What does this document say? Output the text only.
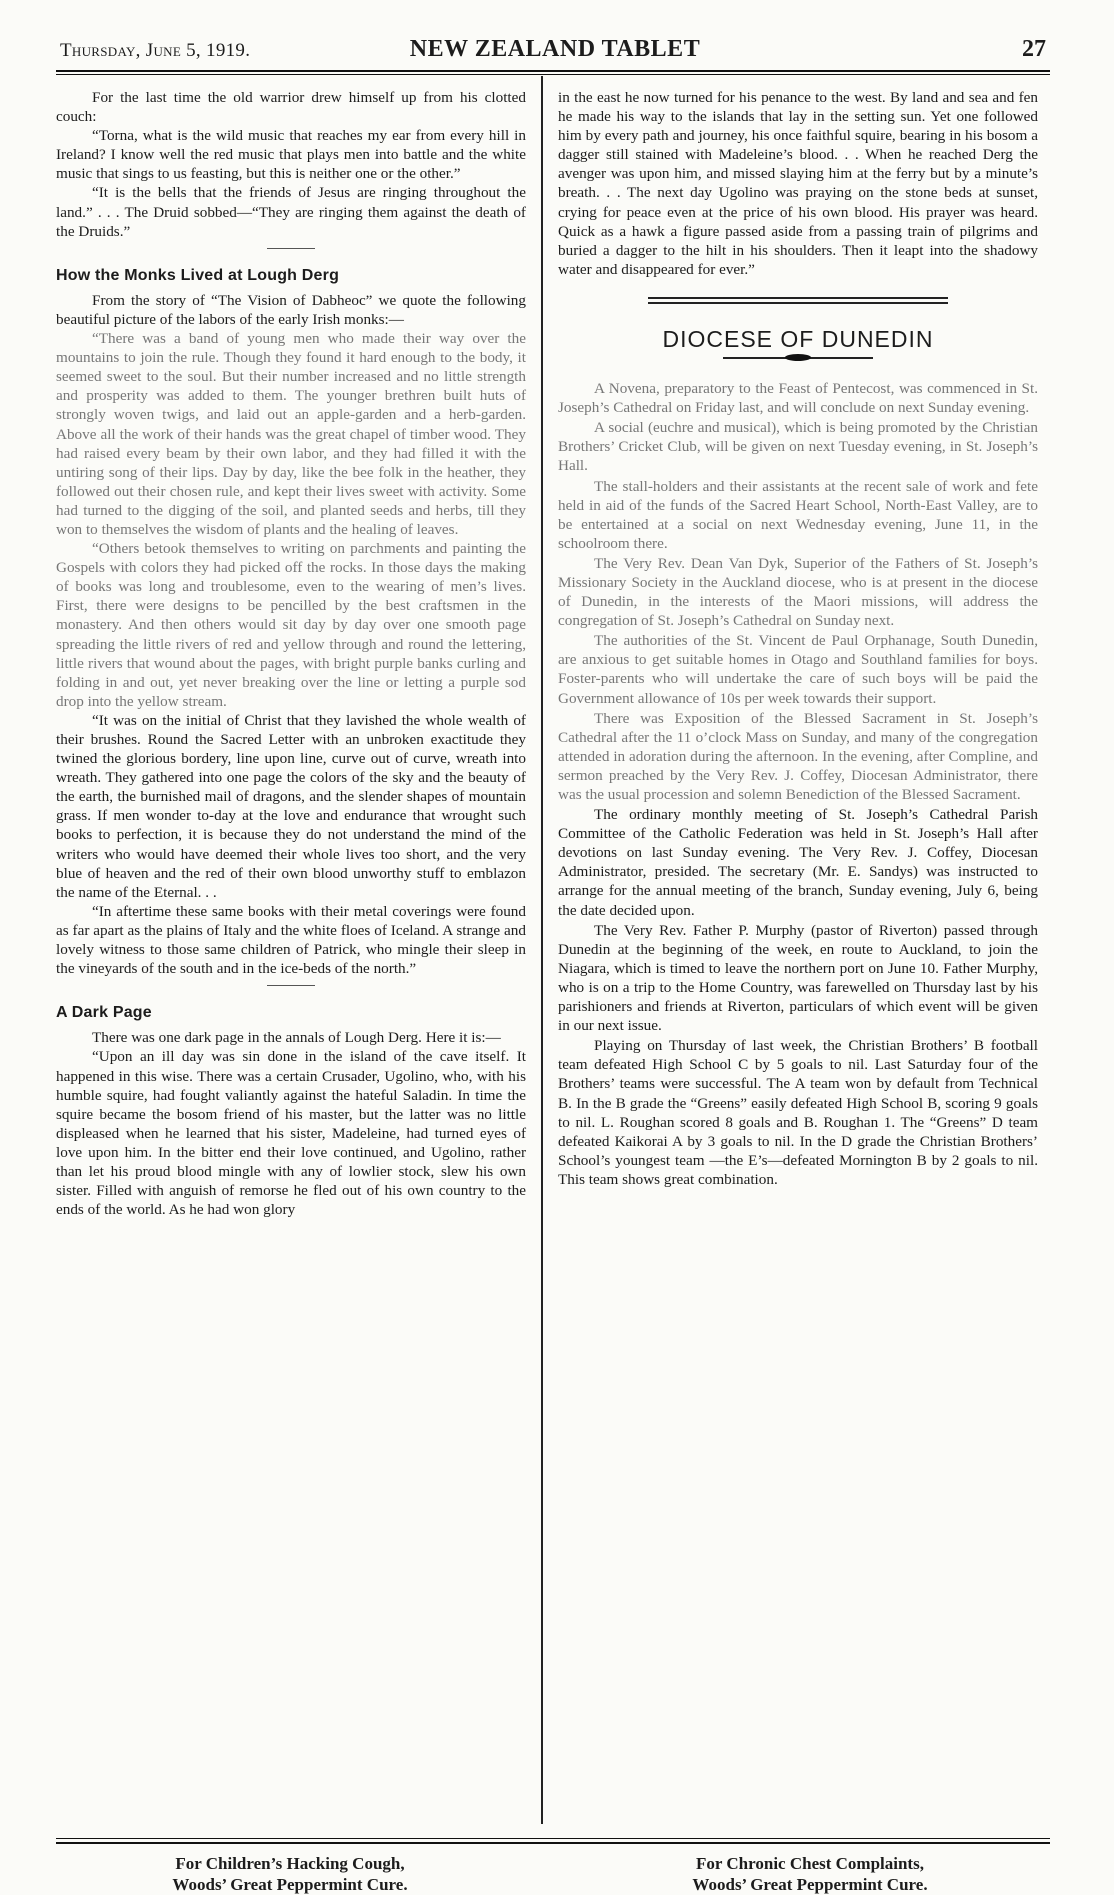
Thursday, June 5, 1919.	NEW ZEALAND TABLET	27

For the last time the old warrior drew himself up from his clotted couch:

“Torna, what is the wild music that reaches my ear from every hill in Ireland? I know well the red music that plays men into battle and the white music that sings to us feasting, but this is neither one or the other.”

“It is the bells that the friends of Jesus are ringing throughout the land.” . . . The Druid sobbed—“They are ringing them against the death of the Druids.”

How the Monks Lived at Lough Derg

From the story of “The Vision of Dabheoc” we quote the following beautiful picture of the labors of the early Irish monks:—

“There was a band of young men who made their way over the mountains to join the rule. Though they found it hard enough to the body, it seemed sweet to the soul. But their number increased and no little strength and prosperity was added to them. The younger brethren built huts of strongly woven twigs, and laid out an apple-garden and a herb-garden. Above all the work of their hands was the great chapel of timber wood. They had raised every beam by their own labor, and they had filled it with the untiring song of their lips. Day by day, like the bee folk in the heather, they followed out their chosen rule, and kept their lives sweet with activity. Some had turned to the digging of the soil, and planted seeds and herbs, till they won to themselves the wisdom of plants and the healing of leaves.

“Others betook themselves to writing on parchments and painting the Gospels with colors they had picked off the rocks. In those days the making of books was long and troublesome, even to the wearing of men’s lives. First, there were designs to be pencilled by the best craftsmen in the monastery. And then others would sit day by day over one smooth page spreading the little rivers of red and yellow through and round the lettering, little rivers that wound about the pages, with bright purple banks curling and folding in and out, yet never breaking over the line or letting a purple sod drop into the yellow stream.

“It was on the initial of Christ that they lavished the whole wealth of their brushes. Round the Sacred Letter with an unbroken exactitude they twined the glorious bordery, line upon line, curve out of curve, wreath into wreath. They gathered into one page the colors of the sky and the beauty of the earth, the burnished mail of dragons, and the slender shapes of mountain grass. If men wonder to-day at the love and endurance that wrought such books to perfection, it is because they do not understand the mind of the writers who would have deemed their whole lives too short, and the very blue of heaven and the red of their own blood unworthy stuff to emblazon the name of the Eternal. . .

“In aftertime these same books with their metal coverings were found as far apart as the plains of Italy and the white floes of Iceland. A strange and lovely witness to those same children of Patrick, who mingle their sleep in the vineyards of the south and in the ice-beds of the north.”

A Dark Page

There was one dark page in the annals of Lough Derg. Here it is:—

“Upon an ill day was sin done in the island of the cave itself. It happened in this wise. There was a certain Crusader, Ugolino, who, with his humble squire, had fought valiantly against the hateful Saladin. In time the squire became the bosom friend of his master, but the latter was no little displeased when he learned that his sister, Madeleine, had turned eyes of love upon him. In the bitter end their love continued, and Ugolino, rather than let his proud blood mingle with any of lowlier stock, slew his own sister. Filled with anguish of remorse he fled out of his own country to the ends of the world. As he had won glory

in the east he now turned for his penance to the west. By land and sea and fen he made his way to the islands that lay in the setting sun. Yet one followed him by every path and journey, his once faithful squire, bearing in his bosom a dagger still stained with Madeleine’s blood. . . When he reached Derg the avenger was upon him, and missed slaying him at the ferry but by a minute’s breath. . . The next day Ugolino was praying on the stone beds at sunset, crying for peace even at the price of his own blood. His prayer was heard. Quick as a hawk a figure passed aside from a passing train of pilgrims and buried a dagger to the hilt in his shoulders. Then it leapt into the shadowy water and disappeared for ever.”

DIOCESE OF DUNEDIN

A Novena, preparatory to the Feast of Pentecost, was commenced in St. Joseph’s Cathedral on Friday last, and will conclude on next Sunday evening.

A social (euchre and musical), which is being promoted by the Christian Brothers’ Cricket Club, will be given on next Tuesday evening, in St. Joseph’s Hall.

The stall-holders and their assistants at the recent sale of work and fete held in aid of the funds of the Sacred Heart School, North-East Valley, are to be entertained at a social on next Wednesday evening, June 11, in the schoolroom there.

The Very Rev. Dean Van Dyk, Superior of the Fathers of St. Joseph’s Missionary Society in the Auckland diocese, who is at present in the diocese of Dunedin, in the interests of the Maori missions, will address the congregation of St. Joseph’s Cathedral on Sunday next.

The authorities of the St. Vincent de Paul Orphanage, South Dunedin, are anxious to get suitable homes in Otago and Southland families for boys. Foster-parents who will undertake the care of such boys will be paid the Government allowance of 10s per week towards their support.

There was Exposition of the Blessed Sacrament in St. Joseph’s Cathedral after the 11 o’clock Mass on Sunday, and many of the congregation attended in adoration during the afternoon. In the evening, after Compline, and sermon preached by the Very Rev. J. Coffey, Diocesan Administrator, there was the usual procession and solemn Benediction of the Blessed Sacrament.

The ordinary monthly meeting of St. Joseph’s Cathedral Parish Committee of the Catholic Federation was held in St. Joseph’s Hall after devotions on last Sunday evening. The Very Rev. J. Coffey, Diocesan Administrator, presided. The secretary (Mr. E. Sandys) was instructed to arrange for the annual meeting of the branch, Sunday evening, July 6, being the date decided upon.

The Very Rev. Father P. Murphy (pastor of Riverton) passed through Dunedin at the beginning of the week, en route to Auckland, to join the Niagara, which is timed to leave the northern port on June 10. Father Murphy, who is on a trip to the Home Country, was farewelled on Thursday last by his parishioners and friends at Riverton, particulars of which event will be given in our next issue.

Playing on Thursday of last week, the Christian Brothers’ B football team defeated High School C by 5 goals to nil. Last Saturday four of the Brothers’ teams were successful. The A team won by default from Technical B. In the B grade the “Greens” easily defeated High School B, scoring 9 goals to nil. L. Roughan scored 8 goals and B. Roughan 1. The “Greens” D team defeated Kaikorai A by 3 goals to nil. In the D grade the Christian Brothers’ School’s youngest team —the E’s—defeated Mornington B by 2 goals to nil. This team shows great combination.

For Children’s Hacking Cough,
Woods’ Great Peppermint Cure.
For Chronic Chest Complaints,
Woods’ Great Peppermint Cure.
